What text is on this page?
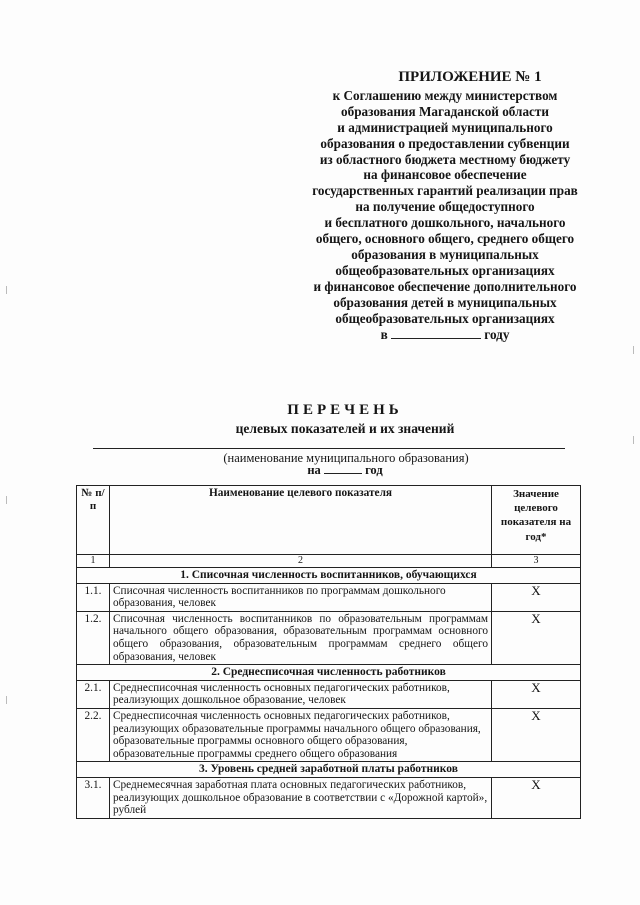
ПРИЛОЖЕНИЕ № 1
к Соглашению между министерством
образования Магаданской области
и администрацией муниципального
образования о предоставлении субвенции
из областного бюджета местному бюджету
на финансовое обеспечение
государственных гарантий реализации прав
на получение общедоступного
и бесплатного дошкольного, начального
общего, основного общего, среднего общего
образования в муниципальных
общеобразовательных организациях
и финансовое обеспечение дополнительного
образования детей в муниципальных
общеобразовательных организациях
в	году
ПЕРЕЧЕНЬ
целевых показателей и их значений
(наименование муниципального образования)
на	год
№ п/п	Наименование целевого показателя	Значение целевого показателя на год*
1	2	3
1. Списочная численность воспитанников, обучающихся		
1.1.	Списочная численность воспитанников по программам дошкольного образования, человек	X
1.2.	Списочная численность воспитанников по образовательным программам начального общего образования, образовательным программам основного общего образования, образовательным программам среднего общего образования, человек	X
2. Среднесписочная численность работников		
2.1.	Среднесписочная численность основных педагогических работников, реализующих дошкольное образование, человек	X
2.2.	Среднесписочная численность основных педагогических работников, реализующих образовательные программы начального общего образования, образовательные программы основного общего образования, образовательные программы среднего общего образования	X
3. Уровень средней заработной платы работников		
3.1.	Среднемесячная заработная плата основных педагогических работников, реализующих дошкольное образование в соответствии с «Дорожной картой», рублей	X
